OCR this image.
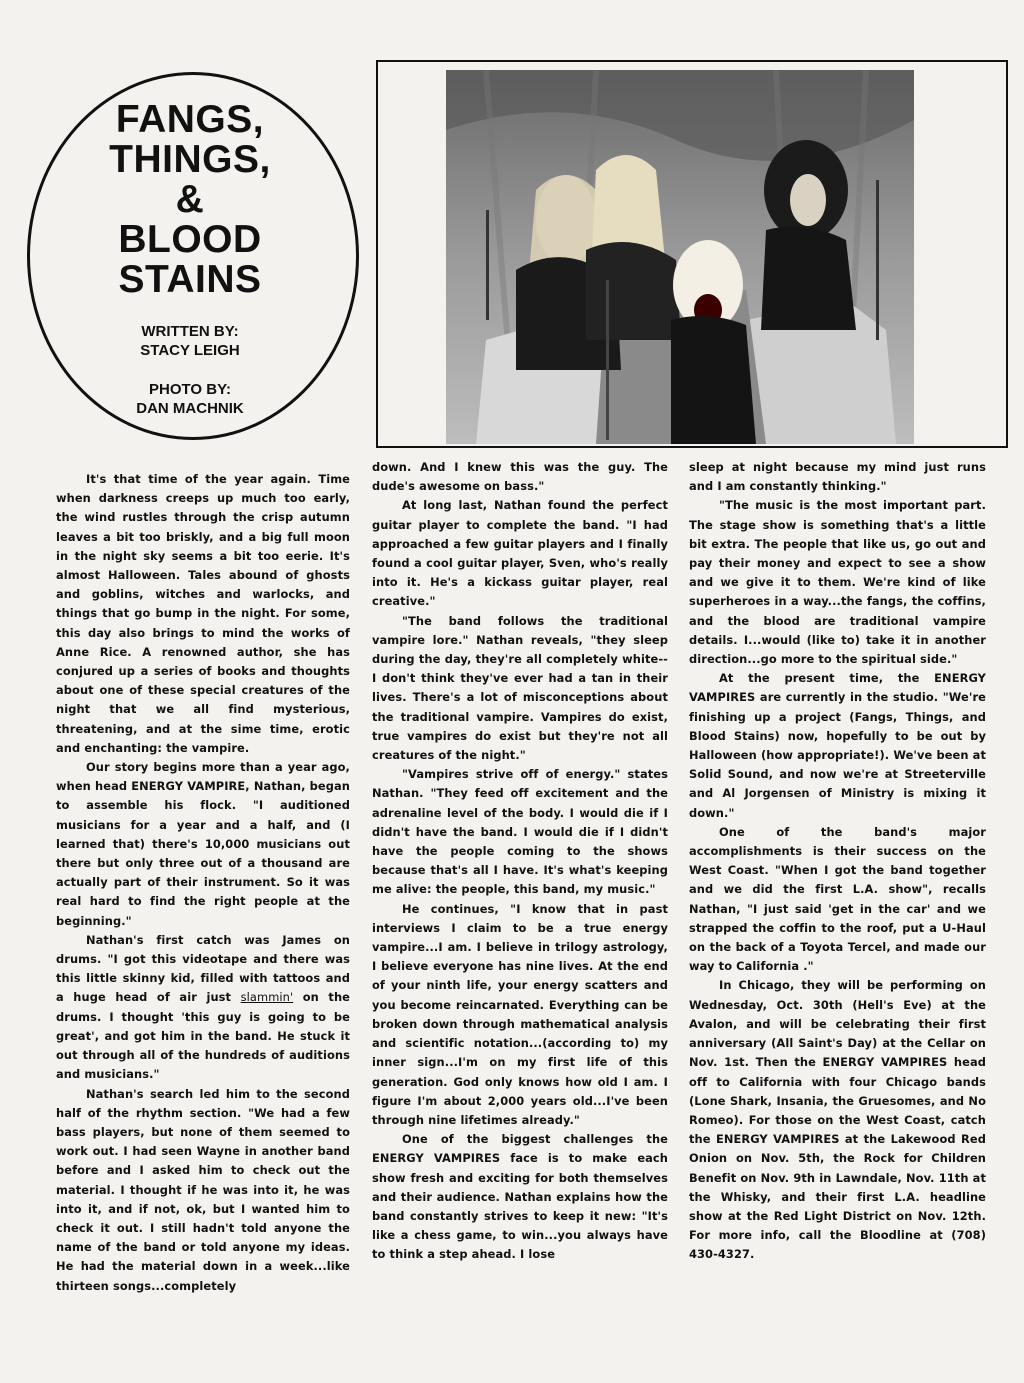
FANGS,
THINGS,
&
BLOOD
STAINS
WRITTEN BY:
STACY LEIGH
PHOTO BY:
DAN MACHNIK

It's that time of the year again. Time when darkness creeps up much too early, the wind rustles through the crisp autumn leaves a bit too briskly, and a big full moon in the night sky seems a bit too eerie. It's almost Halloween. Tales abound of ghosts and goblins, witches and warlocks, and things that go bump in the night. For some, this day also brings to mind the works of Anne Rice. A renowned author, she has conjured up a series of books and thoughts about one of these special creatures of the night that we all find mysterious, threatening, and at the sime time, erotic and enchanting: the vampire.

Our story begins more than a year ago, when head ENERGY VAMPIRE, Nathan, began to assemble his flock. "I auditioned musicians for a year and a half, and (I learned that) there's 10,000 musicians out there but only three out of a thousand are actually part of their instrument. So it was real hard to find the right people at the beginning."

Nathan's first catch was James on drums. "I got this videotape and there was this little skinny kid, filled with tattoos and a huge head of air just slammin' on the drums. I thought 'this guy is going to be great', and got him in the band. He stuck it out through all of the hundreds of auditions and musicians."

Nathan's search led him to the second half of the rhythm section. "We had a few bass players, but none of them seemed to work out. I had seen Wayne in another band before and I asked him to check out the material. I thought if he was into it, he was into it, and if not, ok, but I wanted him to check it out. I still hadn't told anyone the name of the band or told anyone my ideas. He had the material down in a week...like thirteen songs...completely

down. And I knew this was the guy. The dude's awesome on bass."

At long last, Nathan found the perfect guitar player to complete the band. "I had approached a few guitar players and I finally found a cool guitar player, Sven, who's really into it. He's a kickass guitar player, real creative."

"The band follows the traditional vampire lore." Nathan reveals, "they sleep during the day, they're all completely white--I don't think they've ever had a tan in their lives. There's a lot of misconceptions about the traditional vampire. Vampires do exist, true vampires do exist but they're not all creatures of the night."

"Vampires strive off of energy." states Nathan. "They feed off excitement and the adrenaline level of the body. I would die if I didn't have the band. I would die if I didn't have the people coming to the shows because that's all I have. It's what's keeping me alive: the people, this band, my music."

He continues, "I know that in past interviews I claim to be a true energy vampire...I am. I believe in trilogy astrology, I believe everyone has nine lives. At the end of your ninth life, your energy scatters and you become reincarnated. Everything can be broken down through mathematical analysis and scientific notation...(according to) my inner sign...I'm on my first life of this generation. God only knows how old I am. I figure I'm about 2,000 years old...I've been through nine lifetimes already."

One of the biggest challenges the ENERGY VAMPIRES face is to make each show fresh and exciting for both themselves and their audience. Nathan explains how the band constantly strives to keep it new: "It's like a chess game, to win...you always have to think a step ahead. I lose

sleep at night because my mind just runs and I am constantly thinking."

"The music is the most important part. The stage show is something that's a little bit extra. The people that like us, go out and pay their money and expect to see a show and we give it to them. We're kind of like superheroes in a way...the fangs, the coffins, and the blood are traditional vampire details. I...would (like to) take it in another direction...go more to the spiritual side."

At the present time, the ENERGY VAMPIRES are currently in the studio. "We're finishing up a project (Fangs, Things, and Blood Stains) now, hopefully to be out by Halloween (how appropriate!). We've been at Solid Sound, and now we're at Streeterville and Al Jorgensen of Ministry is mixing it down."

One of the band's major accomplishments is their success on the West Coast. "When I got the band together and we did the first L.A. show", recalls Nathan, "I just said 'get in the car' and we strapped the coffin to the roof, put a U-Haul on the back of a Toyota Tercel, and made our way to California ."

In Chicago, they will be performing on Wednesday, Oct. 30th (Hell's Eve) at the Avalon, and will be celebrating their first anniversary (All Saint's Day) at the Cellar on Nov. 1st. Then the ENERGY VAMPIRES head off to California with four Chicago bands (Lone Shark, Insania, the Gruesomes, and No Romeo). For those on the West Coast, catch the ENERGY VAMPIRES at the Lakewood Red Onion on Nov. 5th, the Rock for Children Benefit on Nov. 9th in Lawndale, Nov. 11th at the Whisky, and their first L.A. headline show at the Red Light District on Nov. 12th. For more info, call the Bloodline at (708) 430-4327.
